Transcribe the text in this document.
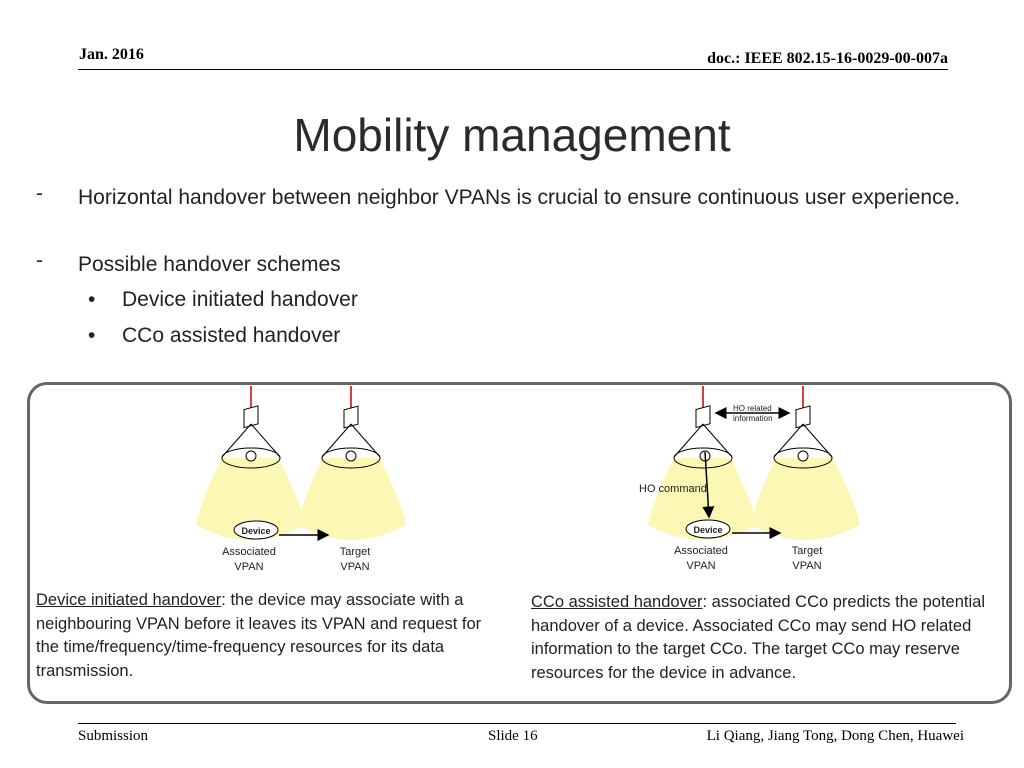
Jan. 2016	doc.: IEEE 802.15-16-0029-00-007a
Mobility management
- Horizontal handover between neighbor VPANs is crucial to ensure continuous user experience.
- Possible handover schemes
• Device initiated handover
• CCo assisted handover
Device
Associated
VPAN
Target
VPAN
HO related
information
HO command
Device
Associated
VPAN
Target
VPAN
Device initiated handover: the device may associate with a neighbouring VPAN before it leaves its VPAN and request for the time/frequency/time-frequency resources for its data transmission.
CCo assisted handover: associated CCo predicts the potential handover of a device. Associated CCo may send HO related information to the target CCo. The target CCo may reserve resources for the device in advance.
Submission	Slide 16	Li Qiang, Jiang Tong, Dong Chen, Huawei
